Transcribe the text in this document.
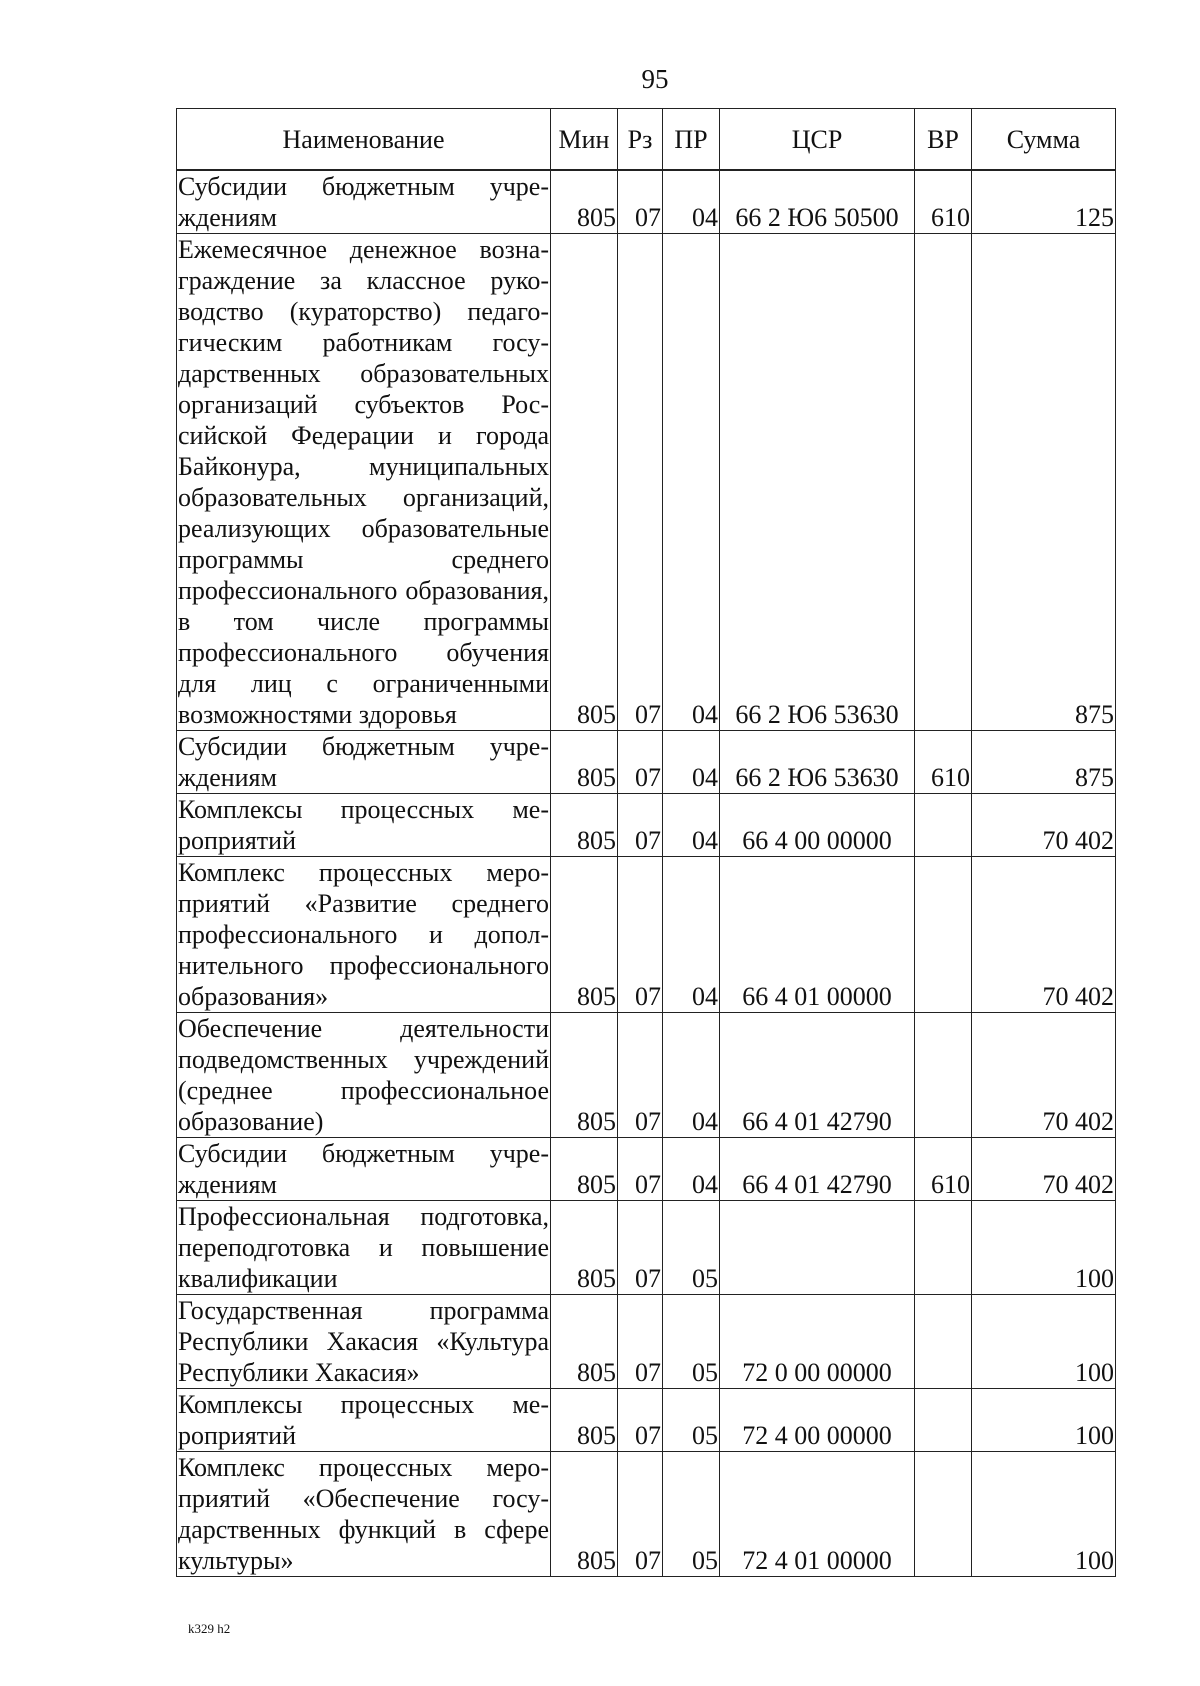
95
Наименование	Мин	Рз	ПР	ЦСР	ВР	Сумма
Субсидии бюджетным учреждениям	805	07	04	66 2 Ю6 50500	610	125
Ежемесячное денежное вознаграждение за классное руководство (кураторство) педагогическим работникам государственных образовательных организаций субъектов Российской Федерации и города Байконура, муниципальных образовательных организаций, реализующих образовательные программы среднего профессионального образования, в том числе программы профессионального обучения для лиц с ограниченными возможностями здоровья	805	07	04	66 2 Ю6 53630		875
Субсидии бюджетным учреждениям	805	07	04	66 2 Ю6 53630	610	875
Комплексы процессных мероприятий	805	07	04	66 4 00 00000		70 402
Комплекс процессных мероприятий «Развитие среднего профессионального и дополнительного профессионального образования»	805	07	04	66 4 01 00000		70 402
Обеспечение деятельности подведомственных учреждений (среднее профессиональное образование)	805	07	04	66 4 01 42790		70 402
Субсидии бюджетным учреждениям	805	07	04	66 4 01 42790	610	70 402
Профессиональная подготовка, переподготовка и повышение квалификации	805	07	05			100
Государственная программа Республики Хакасия «Культура Республики Хакасия»	805	07	05	72 0 00 00000		100
Комплексы процессных мероприятий	805	07	05	72 4 00 00000		100
Комплекс процессных мероприятий «Обеспечение государственных функций в сфере культуры»	805	07	05	72 4 01 00000		100
k329 h2
